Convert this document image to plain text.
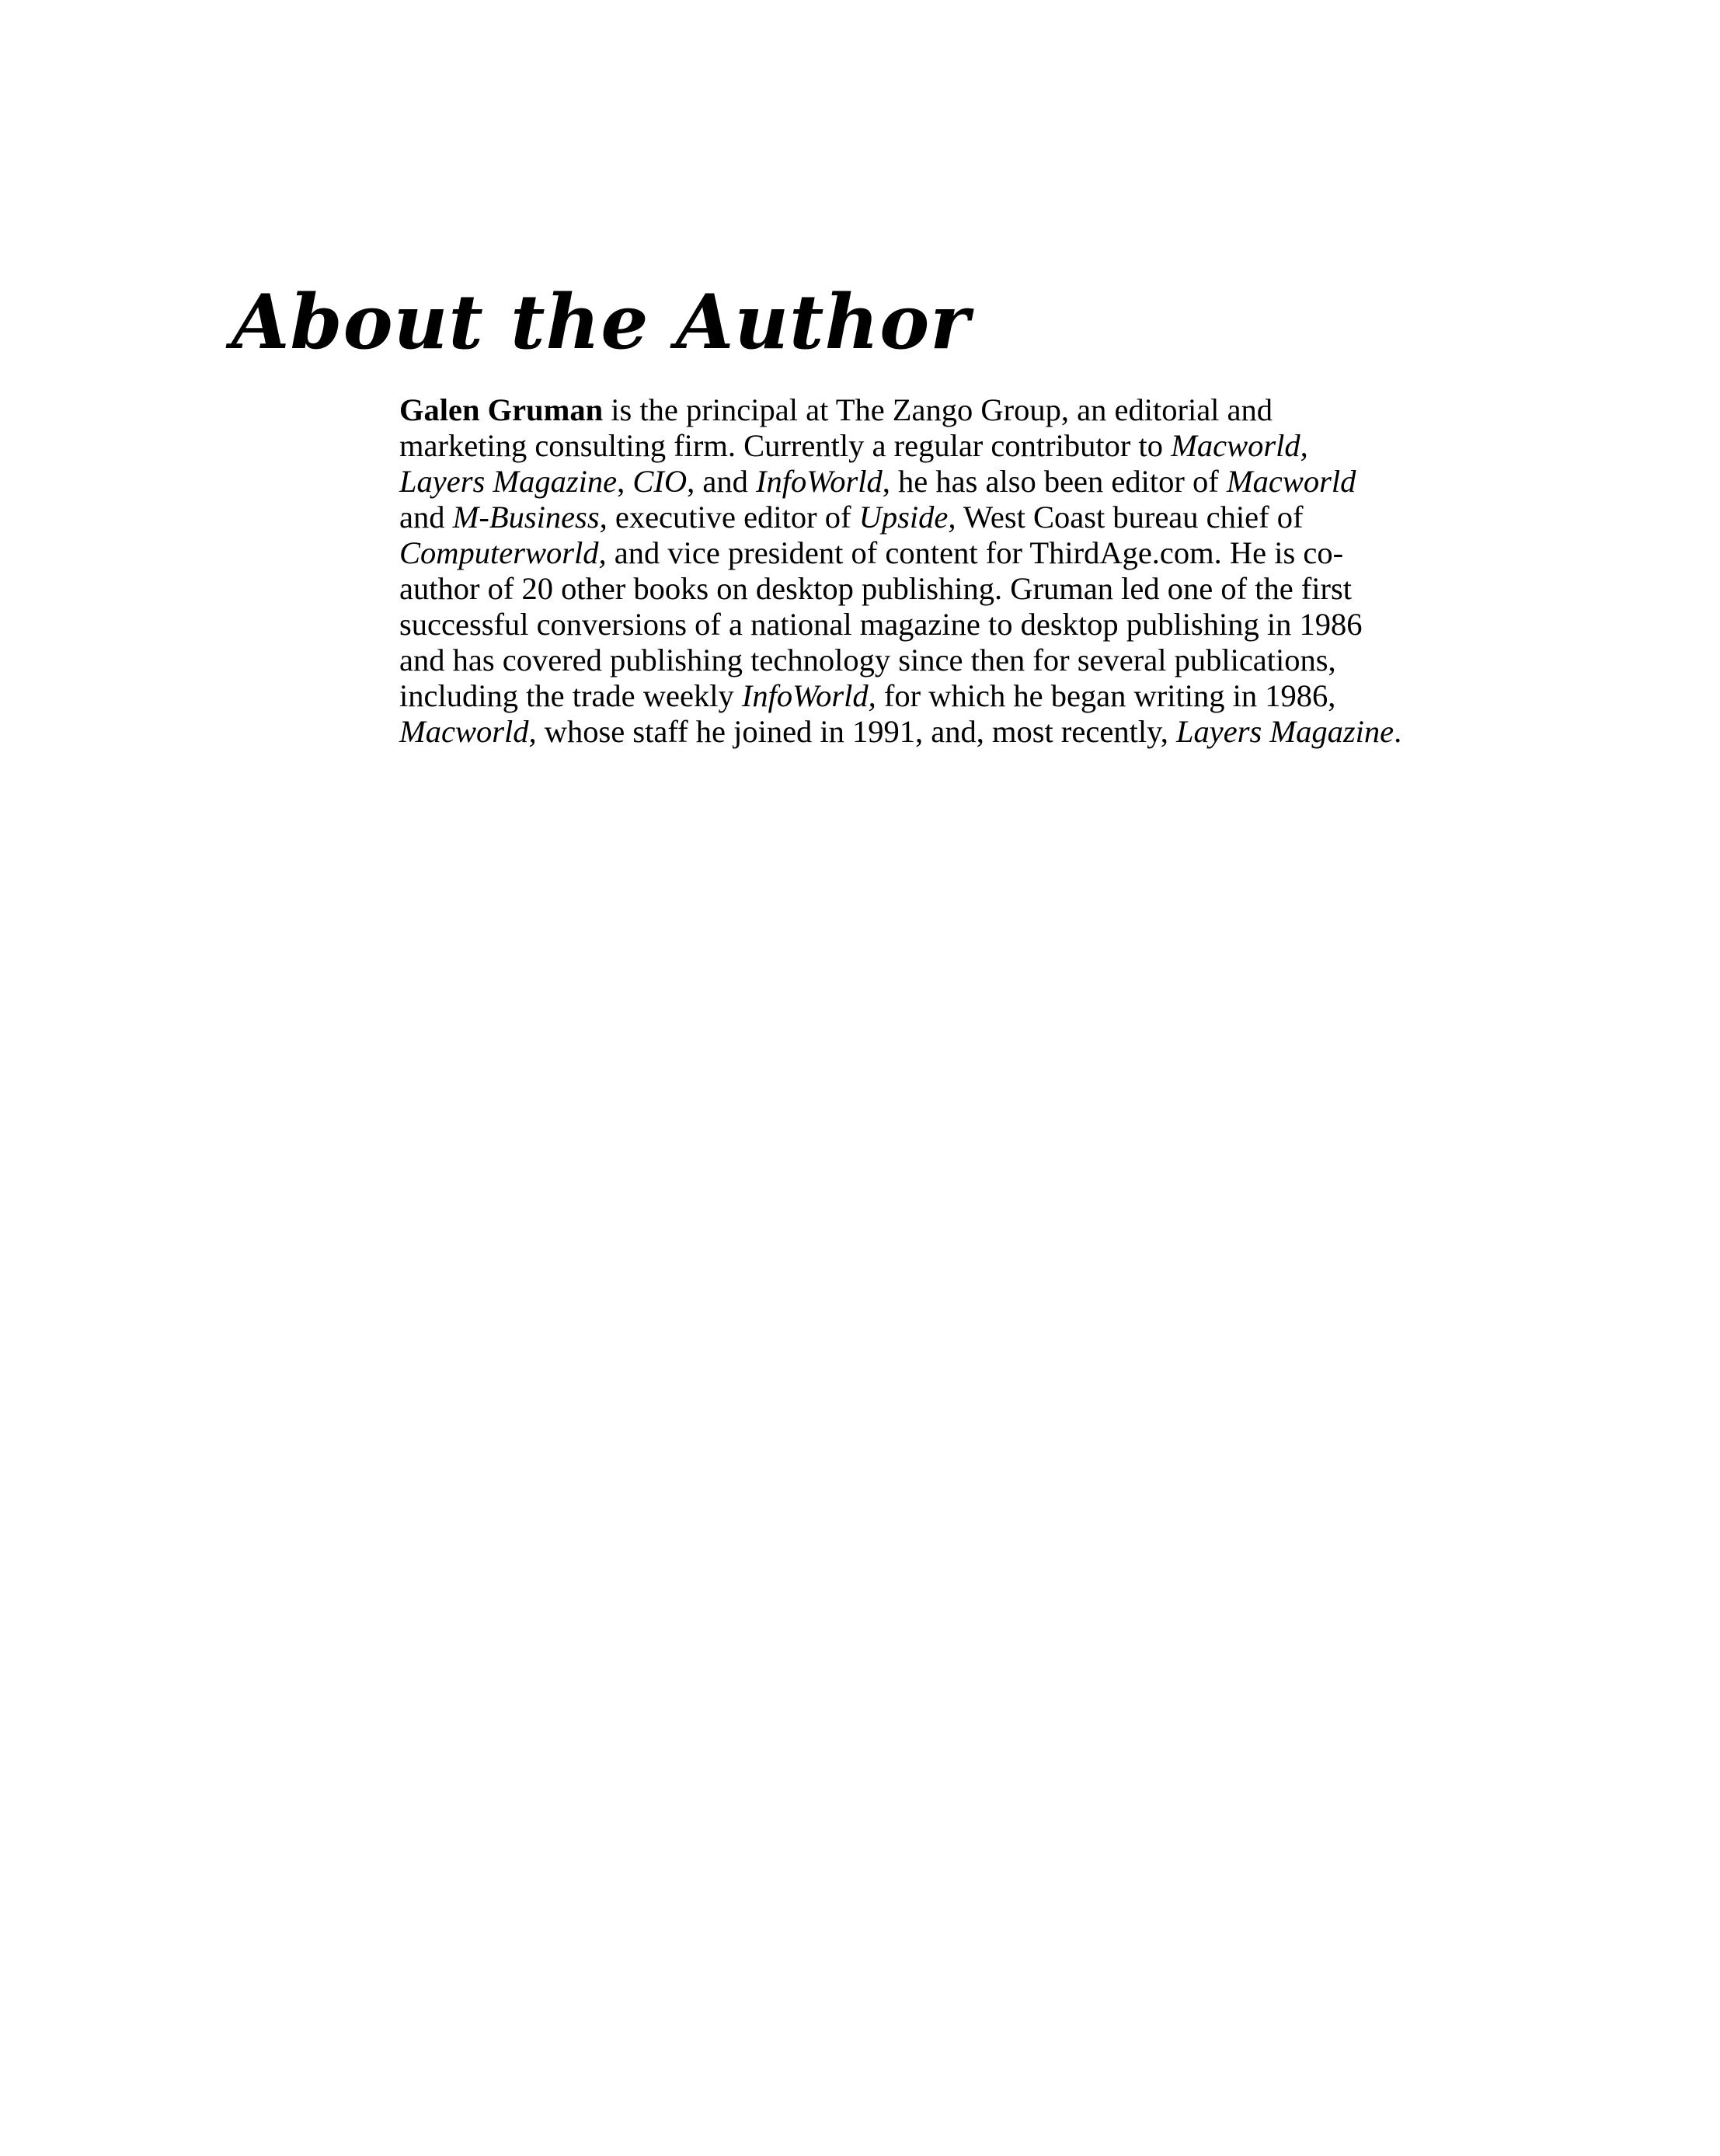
About the Author

Galen Gruman is the principal at The Zango Group, an editorial and
marketing consulting firm. Currently a regular contributor to Macworld,
Layers Magazine, CIO, and InfoWorld, he has also been editor of Macworld
and M-Business, executive editor of Upside, West Coast bureau chief of
Computerworld, and vice president of content for ThirdAge.com. He is co-
author of 20 other books on desktop publishing. Gruman led one of the first
successful conversions of a national magazine to desktop publishing in 1986
and has covered publishing technology since then for several publications,
including the trade weekly InfoWorld, for which he began writing in 1986,
Macworld, whose staff he joined in 1991, and, most recently, Layers Magazine.
